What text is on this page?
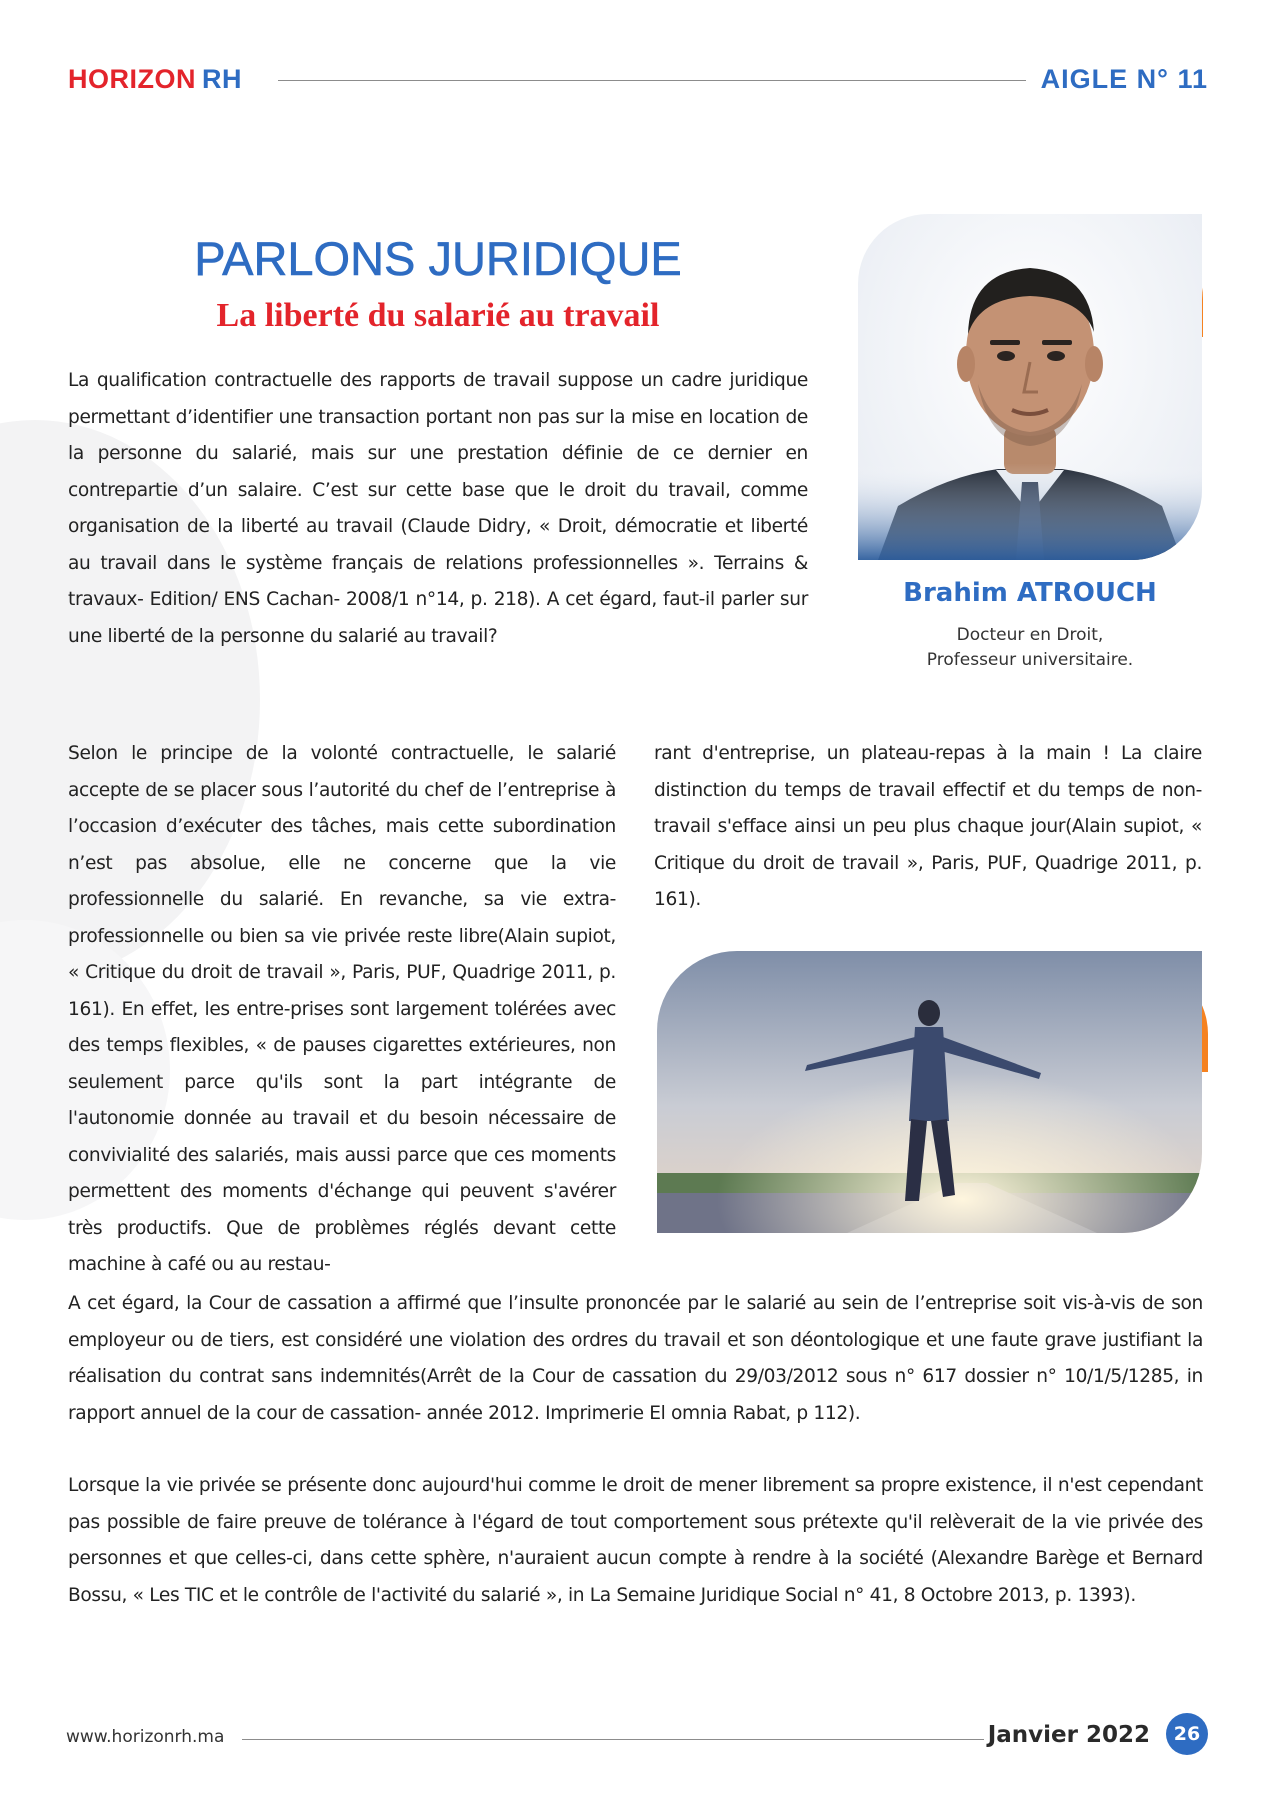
HORIZON RH	AIGLE N° 11
PARLONS JURIDIQUE
La liberté du salarié au travail

La qualification contractuelle des rapports de travail suppose un cadre juridique permettant d’identifier une transaction portant non pas sur la mise en location de la personne du salarié, mais sur une prestation définie de ce dernier en contrepartie d’un salaire. C’est sur cette base que le droit du travail, comme organisation de la liberté au travail (Claude Didry, « Droit, démocratie et liberté au travail dans le système français de relations professionnelles ». Terrains & travaux- Edition/ ENS Cachan- 2008/1 n°14, p. 218). A cet égard, faut-il parler sur une liberté de la personne du salarié au travail?

Brahim ATROUCH
Docteur en Droit,
Professeur universitaire.

Selon le principe de la volonté contractuelle, le salarié accepte de se placer sous l’autorité du chef de l’entreprise à l’occasion d’exécuter des tâches, mais cette subordination n’est pas absolue, elle ne concerne que la vie professionnelle du salarié. En revanche, sa vie extra- professionnelle ou bien sa vie privée reste libre(Alain supiot, « Critique du droit de travail », Paris, PUF, Quadrige 2011, p. 161). En effet, les entre-prises sont largement tolérées avec des temps flexibles, « de pauses cigarettes extérieures, non seulement parce qu'ils sont la part intégrante de l'autonomie donnée au travail et du besoin nécessaire de convivialité des salariés, mais aussi parce que ces moments permettent des moments d'échange qui peuvent s'avérer très productifs. Que de problèmes réglés devant cette machine à café ou au restau-

rant d'entreprise, un plateau-repas à la main ! La claire distinction du temps de travail effectif et du temps de non-travail s'efface ainsi un peu plus chaque jour(Alain supiot, « Critique du droit de travail », Paris, PUF, Quadrige 2011, p. 161).

A cet égard, la Cour de cassation a affirmé que l’insulte prononcée par le salarié au sein de l’entreprise soit vis-à-vis de son employeur ou de tiers, est considéré une violation des ordres du travail et son déontologique et une faute grave justifiant la réalisation du contrat sans indemnités(Arrêt de la Cour de cassation du 29/03/2012 sous n° 617 dossier n° 10/1/5/1285, in rapport annuel de la cour de cassation- année 2012. Imprimerie El omnia Rabat, p 112).

Lorsque la vie privée se présente donc aujourd'hui comme le droit de mener librement sa propre existence, il n'est cependant pas possible de faire preuve de tolérance à l'égard de tout comportement sous prétexte qu'il relèverait de la vie privée des personnes et que celles-ci, dans cette sphère, n'auraient aucun compte à rendre à la société (Alexandre Barège et Bernard Bossu, « Les TIC et le contrôle de l'activité du salarié », in La Semaine Juridique Social n° 41, 8 Octobre 2013, p. 1393).

www.horizonrh.ma	Janvier 2022	26
